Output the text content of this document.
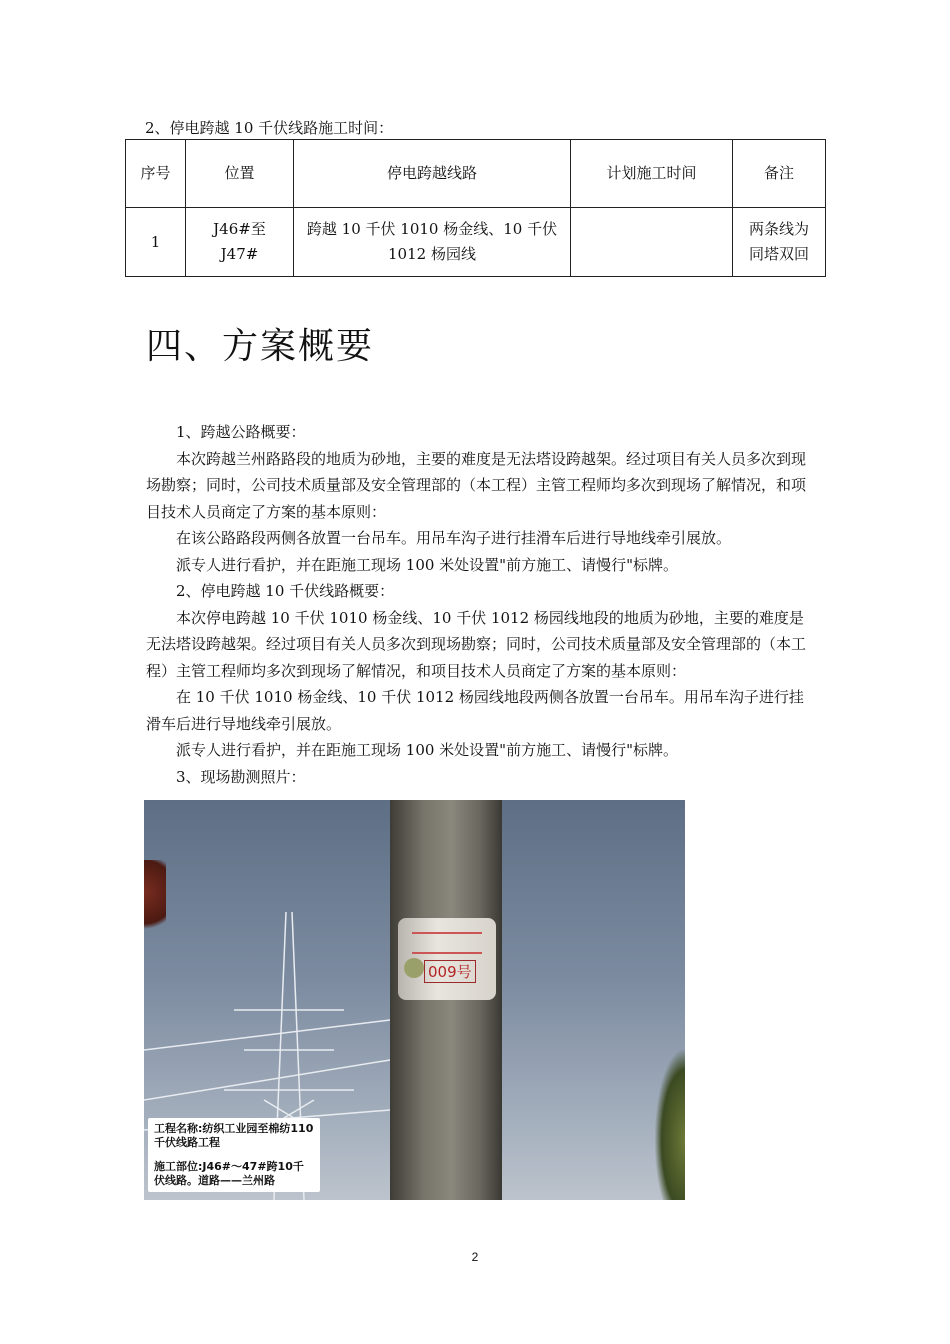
2、停电跨越 10 千伏线路施工时间：
序号	位置	停电跨越线路	计划施工时间	备注
1	J46#至 J47#	跨越 10 千伏 1010 杨金线、10 千伏 1012 杨园线		两条线为同塔双回
四、方案概要
1、跨越公路概要：
本次跨越兰州路路段的地质为砂地，主要的难度是无法塔设跨越架。经过项目有关人员多次到现场勘察；同时，公司技术质量部及安全管理部的（本工程）主管工程师均多次到现场了解情况，和项目技术人员商定了方案的基本原则：
在该公路路段两侧各放置一台吊车。用吊车沟子进行挂滑车后进行导地线牵引展放。
派专人进行看护，并在距施工现场 100 米处设置"前方施工、请慢行"标牌。
2、停电跨越 10 千伏线路概要：
本次停电跨越 10 千伏 1010 杨金线、10 千伏 1012 杨园线地段的地质为砂地，主要的难度是无法塔设跨越架。经过项目有关人员多次到现场勘察；同时，公司技术质量部及安全管理部的（本工程）主管工程师均多次到现场了解情况，和项目技术人员商定了方案的基本原则：
在 10 千伏 1010 杨金线、10 千伏 1012 杨园线地段两侧各放置一台吊车。用吊车沟子进行挂滑车后进行导地线牵引展放。
派专人进行看护，并在距施工现场 100 米处设置"前方施工、请慢行"标牌。
3、现场勘测照片：
009号
工程名称:纺织工业园至棉纺110千伏线路工程
施工部位:J46#～47#跨10千伏线路。道路——兰州路
2
